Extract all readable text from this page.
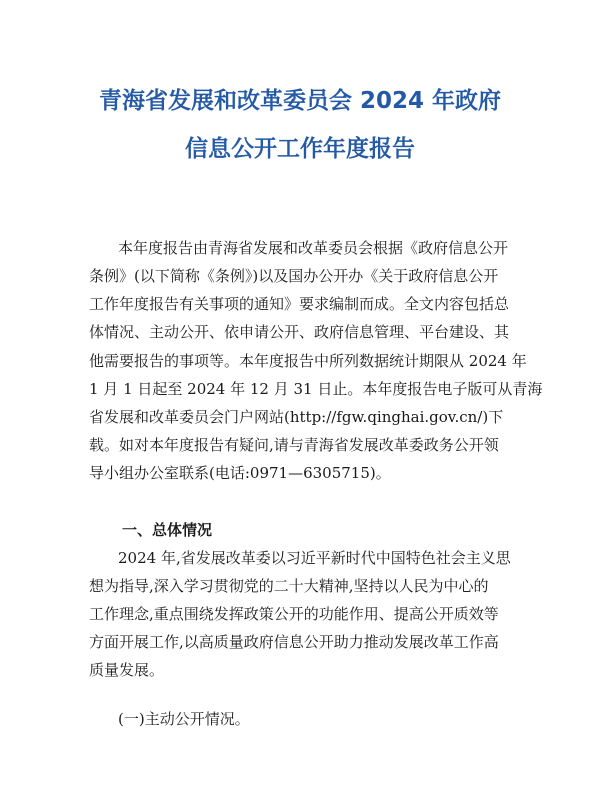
青海省发展和改革委员会 2024 年政府
信息公开工作年度报告
本年度报告由青海省发展和改革委员会根据《政府信息公开
条例》(以下简称《条例》)以及国办公开办《关于政府信息公开
工作年度报告有关事项的通知》要求编制而成。全文内容包括总
体情况、主动公开、依申请公开、政府信息管理、平台建设、其
他需要报告的事项等。本年度报告中所列数据统计期限从 2024 年
1 月 1 日起至 2024 年 12 月 31 日止。本年度报告电子版可从青海
省发展和改革委员会门户网站(http://fgw.qinghai.gov.cn/)下
载。如对本年度报告有疑问,请与青海省发展改革委政务公开领
导小组办公室联系(电话:0971—6305715)。
一、总体情况
2024 年,省发展改革委以习近平新时代中国特色社会主义思
想为指导,深入学习贯彻党的二十大精神,坚持以人民为中心的
工作理念,重点围绕发挥政策公开的功能作用、提高公开质效等
方面开展工作,以高质量政府信息公开助力推动发展改革工作高
质量发展。
(一)主动公开情况。
